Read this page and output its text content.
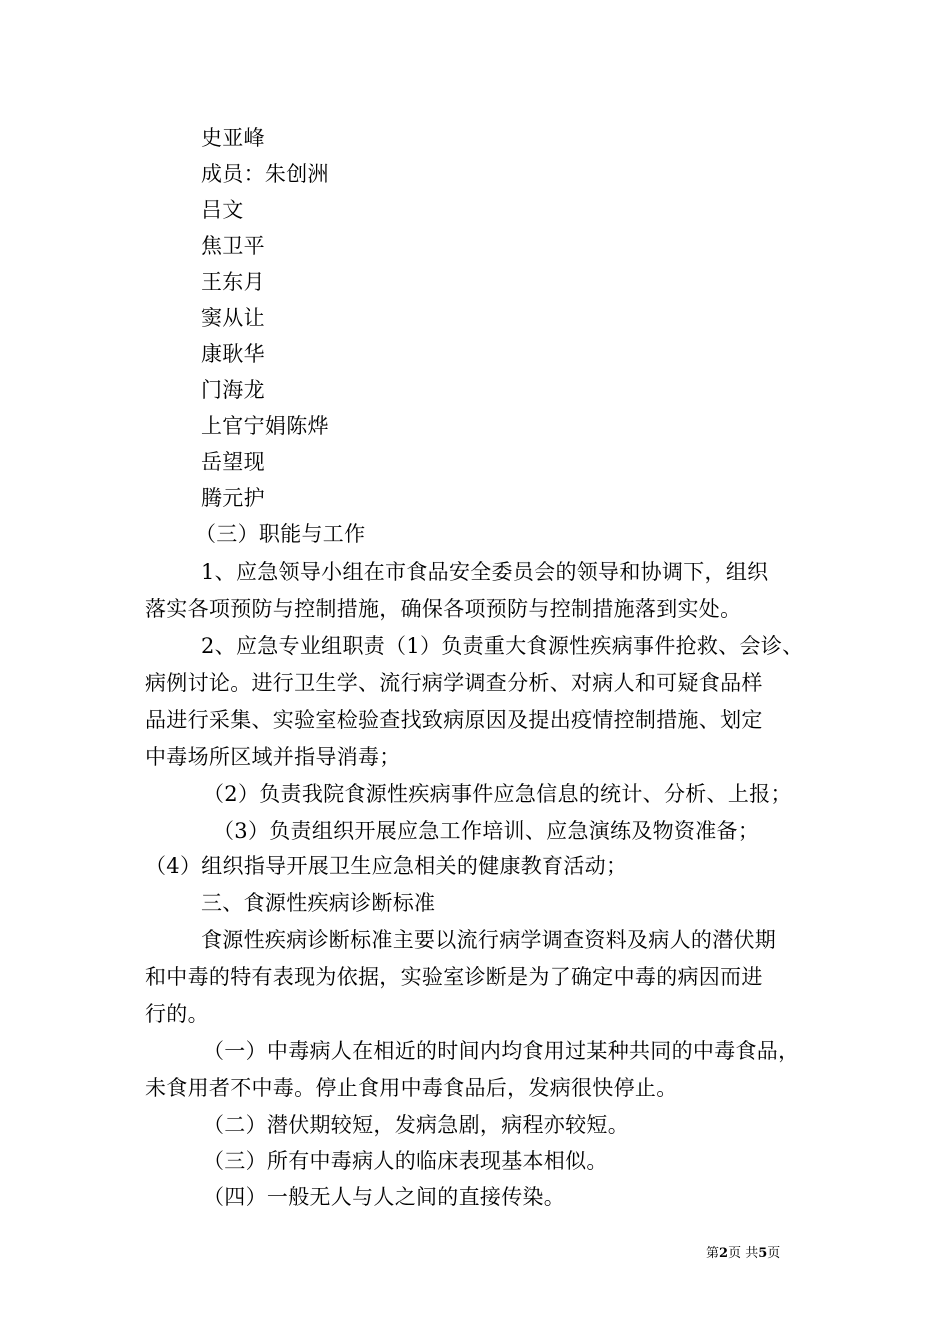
史亚峰
成员：朱创洲
吕文
焦卫平
王东月
窦从让
康耿华
门海龙
上官宁娟陈烨
岳望现
腾元护
（三）职能与工作
1、应急领导小组在市食品安全委员会的领导和协调下，组织
落实各项预防与控制措施，确保各项预防与控制措施落到实处。
2、应急专业组职责（1）负责重大食源性疾病事件抢救、会诊、
病例讨论。进行卫生学、流行病学调查分析、对病人和可疑食品样
品进行采集、实验室检验查找致病原因及提出疫情控制措施、划定
中毒场所区域并指导消毒；
（2）负责我院食源性疾病事件应急信息的统计、分析、上报；
（3）负责组织开展应急工作培训、应急演练及物资准备；
（4）组织指导开展卫生应急相关的健康教育活动；
三、食源性疾病诊断标准
食源性疾病诊断标准主要以流行病学调查资料及病人的潜伏期
和中毒的特有表现为依据，实验室诊断是为了确定中毒的病因而进
行的。
（一）中毒病人在相近的时间内均食用过某种共同的中毒食品，
未食用者不中毒。停止食用中毒食品后，发病很快停止。
（二）潜伏期较短，发病急剧，病程亦较短。
（三）所有中毒病人的临床表现基本相似。
（四）一般无人与人之间的直接传染。
第2页 共5页
